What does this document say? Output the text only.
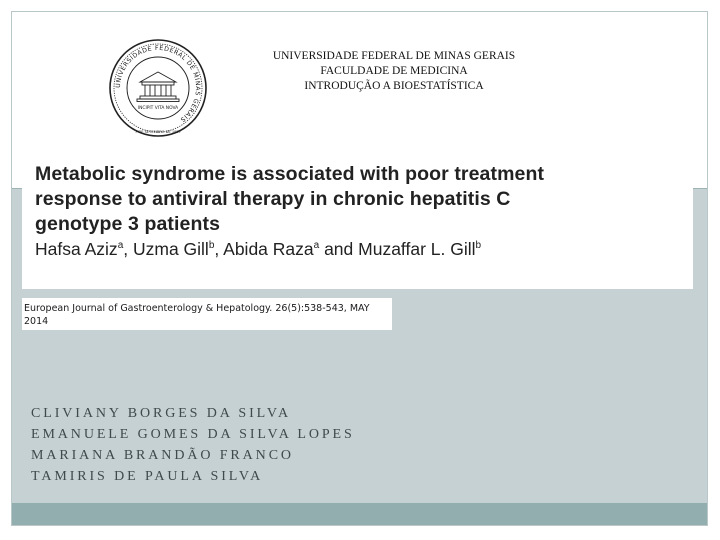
UNIVERSIDADE FEDERAL DE MINAS GERAIS
INCIPIT VITA NOVA
7 DE SETEMBRO DE 1927
UNIVERSIDADE FEDERAL DE MINAS GERAIS
FACULDADE DE MEDICINA
INTRODUÇÃO A BIOESTATÍSTICA
Metabolic syndrome is associated with poor treatment
response to antiviral therapy in chronic hepatitis C
genotype 3 patients
Hafsa Aziz$^a$, Uzma Gill$^b$, Abida Raza$^a$ and Muzaffar L. Gill$^b$
European Journal of Gastroenterology & Hepatology. 26(5):538-543, MAY
2014
CLIVIANY BORGES DA SILVA
EMANUELE GOMES DA SILVA LOPES
MARIANA BRANDÃO FRANCO
TAMIRIS DE PAULA SILVA
